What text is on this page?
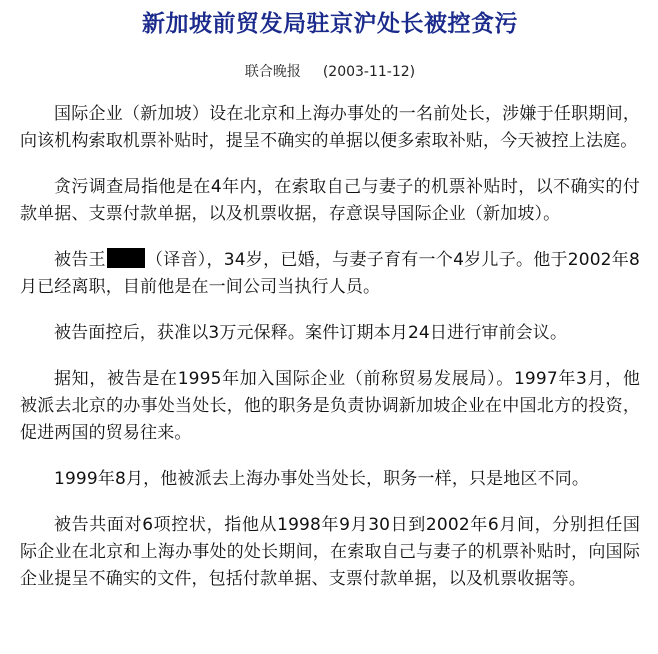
新加坡前贸发局驻京沪处长被控贪污
联合晚报 (2003-11-12)

国际企业（新加坡）设在北京和上海办事处的一名前处长，涉嫌于任职期间，向该机构索取机票补贴时，提呈不确实的单据以便多索取补贴，今天被控上法庭。

贪污调查局指他是在4年内，在索取自己与妻子的机票补贴时，以不确实的付款单据、支票付款单据，以及机票收据，存意误导国际企业（新加坡）。

被告王 （译音），34岁，已婚，与妻子育有一个4岁儿子。他于2002年8月已经离职，目前他是在一间公司当执行人员。

被告面控后，获准以3万元保释。案件订期本月24日进行审前会议。

据知，被告是在1995年加入国际企业（前称贸易发展局）。1997年3月，他被派去北京的办事处当处长，他的职务是负责协调新加坡企业在中国北方的投资，促进两国的贸易往来。

1999年8月，他被派去上海办事处当处长，职务一样，只是地区不同。

被告共面对6项控状，指他从1998年9月30日到2002年6月间，分别担任国际企业在北京和上海办事处的处长期间，在索取自己与妻子的机票补贴时，向国际企业提呈不确实的文件，包括付款单据、支票付款单据，以及机票收据等。
